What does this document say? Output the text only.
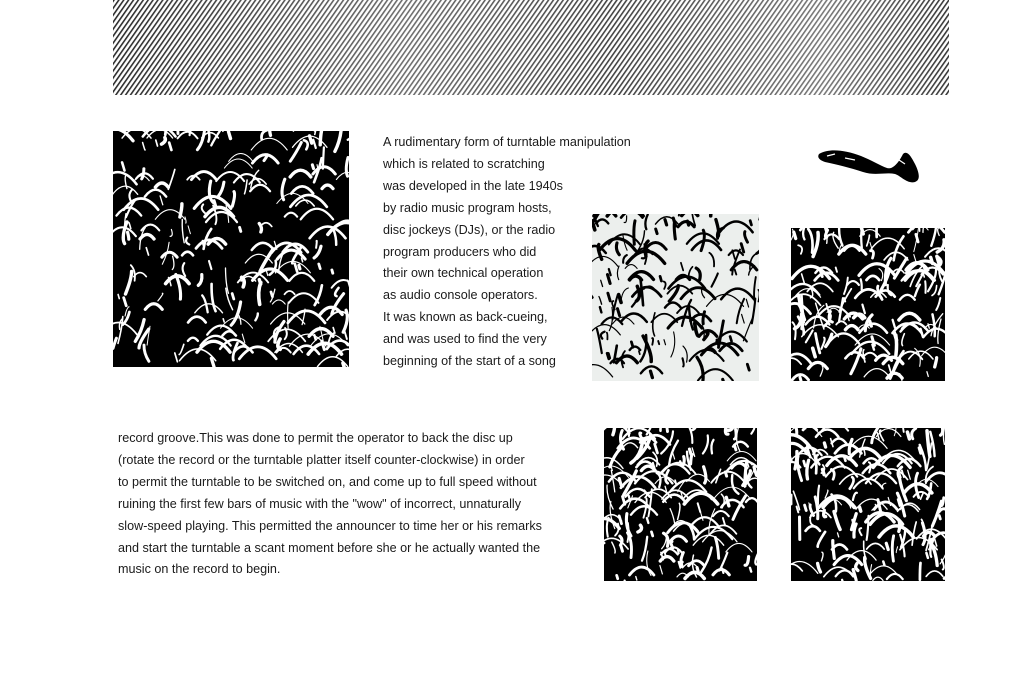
A rudimentary form of turntable manipulation
which is related to scratching
was developed in the late 1940s
by radio music program hosts,
disc jockeys (DJs), or the radio
program producers who did
their own technical operation
as audio console operators.
It was known as back-cueing,
and was used to find the very
beginning of the start of a song
record groove.This was done to permit the operator to back the disc up
(rotate the record or the turntable platter itself counter-clockwise) in order
to permit the turntable to be switched on, and come up to full speed without
ruining the first few bars of music with the "wow" of incorrect, unnaturally
slow-speed playing. This permitted the announcer to time her or his remarks
and start the turntable a scant moment before she or he actually wanted the
music on the record to begin.
